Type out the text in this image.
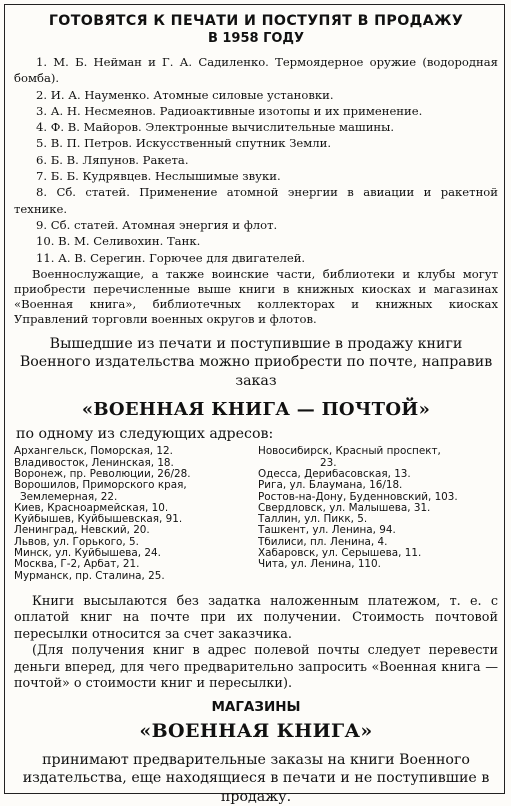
ГОТОВЯТСЯ К ПЕЧАТИ И ПОСТУПЯТ В ПРОДАЖУ
В 1958 ГОДУ
1. М. Б. Нейман и Г. А. Садиленко. Термоядерное оружие (водородная бомба).
2. И. А. Науменко. Атомные силовые установки.
3. А. Н. Несмеянов. Радиоактивные изотопы и их применение.
4. Ф. В. Майоров. Электронные вычислительные машины.
5. В. П. Петров. Искусственный спутник Земли.
6. Б. В. Ляпунов. Ракета.
7. Б. Б. Кудрявцев. Неслышимые звуки.
8. Сб. статей. Применение атомной энергии в авиации и ракетной технике.
9. Сб. статей. Атомная энергия и флот.
10. В. М. Селивохин. Танк.
11. А. В. Серегин. Горючее для двигателей.
Военнослужащие, а также воинские части, библиотеки и клубы могут приобрести перечисленные выше книги в книжных киосках и магазинах «Военная книга», библиотечных коллекторах и книжных киосках Управлений торговли военных округов и флотов.
Вышедшие из печати и поступившие в продажу книги Военного издательства можно приобрести по почте, направив заказ
«ВОЕННАЯ КНИГА — ПОЧТОЙ»
по одному из следующих адресов:
Архангельск, Поморская, 12.
Владивосток, Ленинская, 18.
Воронеж, пр. Революции, 26/28.
Ворошилов, Приморского края,
Землемерная, 22.
Киев, Красноармейская, 10.
Куйбышев, Куйбышевская, 91.
Ленинград, Невский, 20.
Львов, ул. Горького, 5.
Минск, ул. Куйбышева, 24.
Москва, Г-2, Арбат, 21.
Мурманск, пр. Сталина, 25.
Новосибирск, Красный проспект,
23.
Одесса, Дерибасовская, 13.
Рига, ул. Блаумана, 16/18.
Ростов-на-Дону, Буденновский, 103.
Свердловск, ул. Малышева, 31.
Таллин, ул. Пикк, 5.
Ташкент, ул. Ленина, 94.
Тбилиси, пл. Ленина, 4.
Хабаровск, ул. Серышева, 11.
Чита, ул. Ленина, 110.
Книги высылаются без задатка наложенным платежом, т. е. с оплатой книг на почте при их получении. Стоимость почтовой пересылки относится за счет заказчика.
(Для получения книг в адрес полевой почты следует перевести деньги вперед, для чего предварительно запросить «Военная книга — почтой» о стоимости книг и пересылки).
МАГАЗИНЫ
«ВОЕННАЯ КНИГА»
принимают предварительные заказы на книги Военного издательства, еще находящиеся в печати и не поступившие в продажу.
